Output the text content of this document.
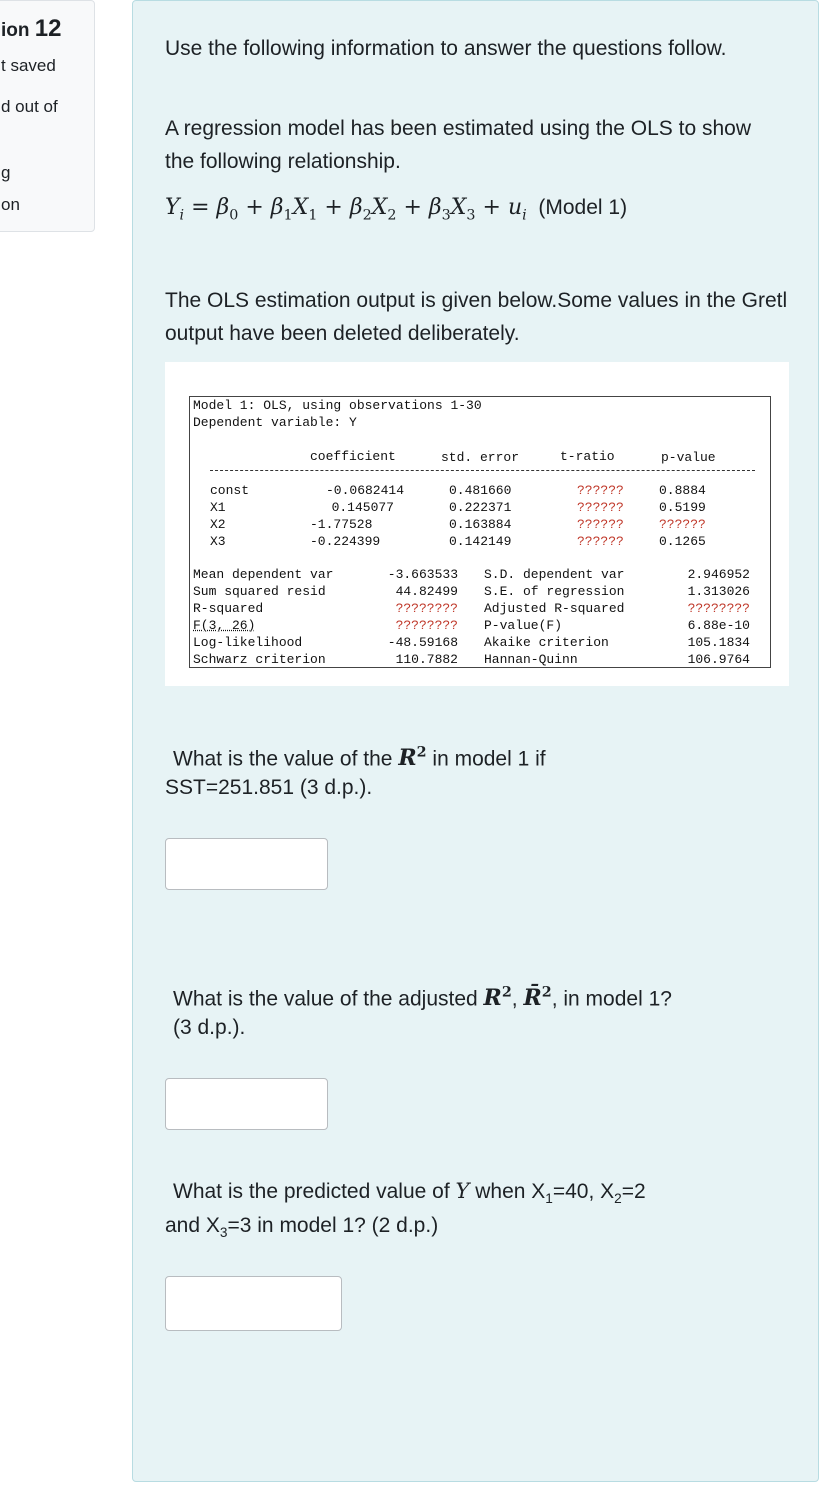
ion 12
t saved
d out of
g
on

Use the following information to answer the questions follow.

A regression model has been estimated using the OLS to show the following relationship.

$Y_i = \beta_0 + \beta_1X_1 + \beta_2X_2 + \beta_3X_3 + u_i$ (Model 1)

The OLS estimation output is given below.Some values in the Gretl output have been deleted deliberately.

Model 1: OLS, using observations 1-30
Dependent variable: Y
coefficient	std. error	t-ratio	p-value
const	-0.0682414	0.481660	??????	0.8884
X1	0.145077	0.222371	??????	0.5199
X2	-1.77528	0.163884	??????	??????
X3	-0.224399	0.142149	??????	0.1265
Mean dependent var	-3.663533 S.D. dependent var	2.946952
Sum squared resid	44.82499 S.E. of regression	1.313026
R-squared	???????? Adjusted R-squared	????????
F(3, 26)	???????? P-value(F)	6.88e-10
Log-likelihood	-48.59168 Akaike criterion	105.1834
Schwarz criterion	110.7882 Hannan-Quinn	106.9764
What is the value of the $R^2$ in model 1 if

SST=251.851 (3 d.p.).

What is the value of the adjusted $R^2$, R̄$^2$, in model 1?

(3 d.p.).

What is the predicted value of Y when $X_1=40$, $X_2=2$
and $X_3=3$ in model 1? (2 d.p.)
